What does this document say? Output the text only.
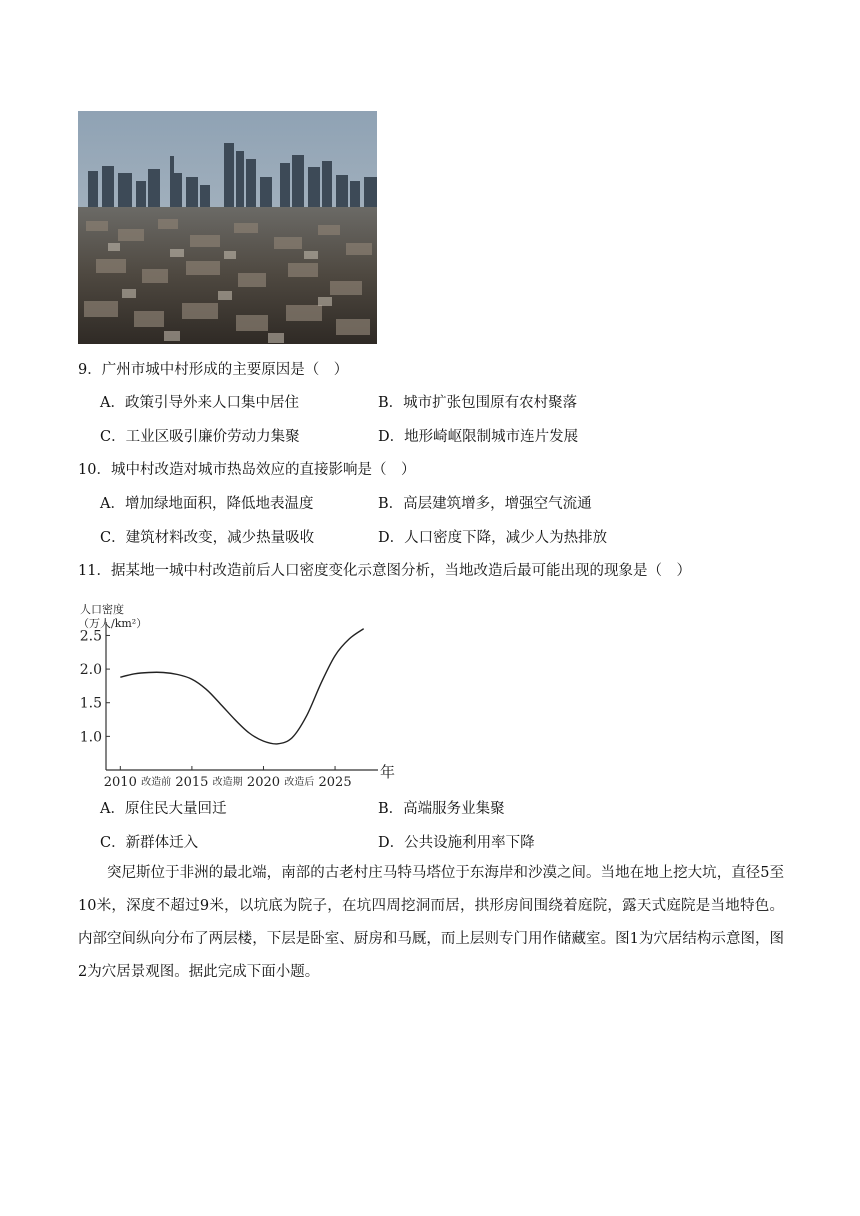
9．广州市城中村形成的主要原因是（　）
A．政策引导外来人口集中居住	B．城市扩张包围原有农村聚落
C．工业区吸引廉价劳动力集聚	D．地形崎岖限制城市连片发展
10．城中村改造对城市热岛效应的直接影响是（　）
A．增加绿地面积，降低地表温度	B．高层建筑增多，增强空气流通
C．建筑材料改变，减少热量吸收	D．人口密度下降，减少人为热排放
11．据某地一城中村改造前后人口密度变化示意图分析，当地改造后最可能出现的现象是（　）
人口密度
（万人/km²）
2.5
2.0
1.5
1.0
2010	2015	2020	2025
改造前	改造期	改造后
年
A．原住民大量回迁	B．高端服务业集聚
C．新群体迁入	D．公共设施利用率下降
突尼斯位于非洲的最北端，南部的古老村庄马特马塔位于东海岸和沙漠之间。当地在地上挖大坑，直径5至10米，深度不超过9米，以坑底为院子，在坑四周挖洞而居，拱形房间围绕着庭院，露天式庭院是当地特色。内部空间纵向分布了两层楼，下层是卧室、厨房和马厩，而上层则专门用作储藏室。图1为穴居结构示意图，图2为穴居景观图。据此完成下面小题。
